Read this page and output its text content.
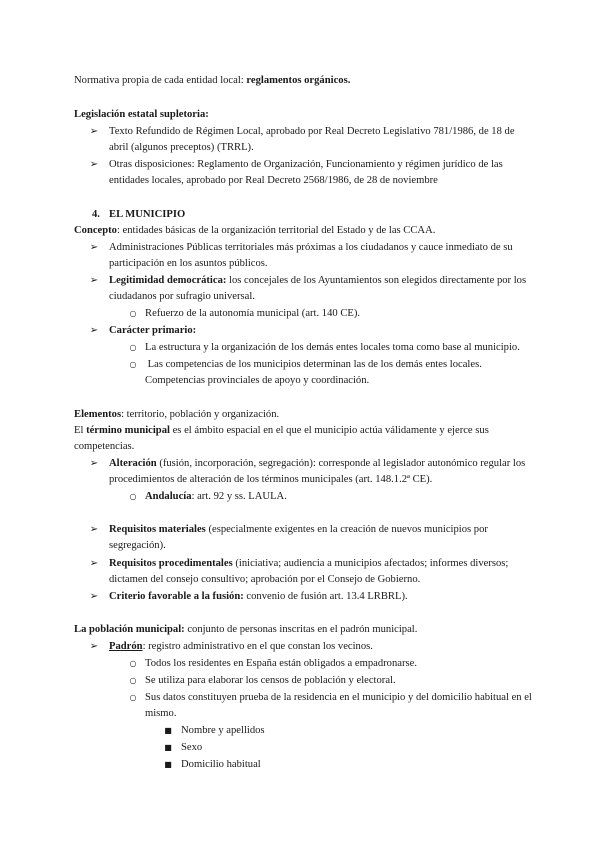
Normativa propia de cada entidad local: reglamentos orgánicos.
Legislación estatal supletoria:
➢ Texto Refundido de Régimen Local, aprobado por Real Decreto Legislativo 781/1986, de 18 de
abril (algunos preceptos) (TRRL).
➢ Otras disposiciones: Reglamento de Organización, Funcionamiento y régimen jurídico de las
entidades locales, aprobado por Real Decreto 2568/1986, de 28 de noviembre
4. EL MUNICIPIO
Concepto: entidades básicas de la organización territorial del Estado y de las CCAA.
➢ Administraciones Públicas territoriales más próximas a los ciudadanos y cauce inmediato de su
participación en los asuntos públicos.
➢ Legitimidad democrática: los concejales de los Ayuntamientos son elegidos directamente por los
ciudadanos por sufragio universal.
○ Refuerzo de la autonomía municipal (art. 140 CE).
➢ Carácter primario:
○ La estructura y la organización de los demás entes locales toma como base al municipio.
○ Las competencias de los municipios determinan las de los demás entes locales.
Competencias provinciales de apoyo y coordinación.
Elementos: territorio, población y organización.
El término municipal es el ámbito espacial en el que el municipio actúa válidamente y ejerce sus
competencias.
➢ Alteración (fusión, incorporación, segregación): corresponde al legislador autonómico regular los
procedimientos de alteración de los términos municipales (art. 148.1.2ª CE).
○ Andalucía: art. 92 y ss. LAULA.
➢ Requisitos materiales (especialmente exigentes en la creación de nuevos municipios por
segregación).
➢ Requisitos procedimentales (iniciativa; audiencia a municipios afectados; informes diversos;
dictamen del consejo consultivo; aprobación por el Consejo de Gobierno.
➢ Criterio favorable a la fusión: convenio de fusión art. 13.4 LRBRL).
La población municipal: conjunto de personas inscritas en el padrón municipal.
➢ Padrón: registro administrativo en el que constan los vecinos.
○ Todos los residentes en España están obligados a empadronarse.
○ Se utiliza para elaborar los censos de población y electoral.
○ Sus datos constituyen prueba de la residencia en el municipio y del domicilio habitual en el
mismo.
■ Nombre y apellidos
■ Sexo
■ Domicilio habitual
